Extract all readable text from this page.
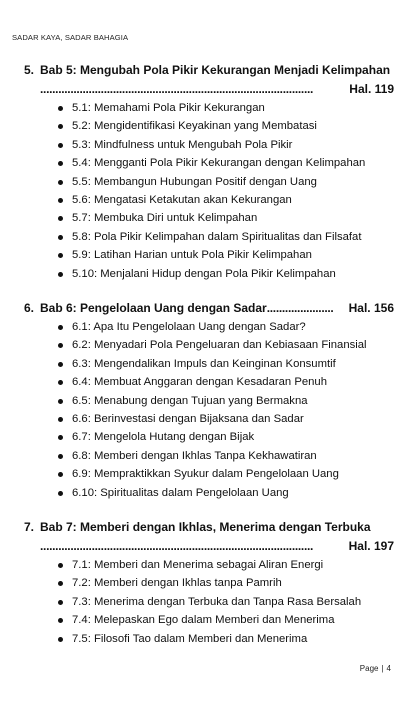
SADAR KAYA, SADAR BAHAGIA
5. Bab 5: Mengubah Pola Pikir Kekurangan Menjadi Kelimpahan
..........................................................................................	Hal. 119
5.1: Memahami Pola Pikir Kekurangan
5.2: Mengidentifikasi Keyakinan yang Membatasi
5.3: Mindfulness untuk Mengubah Pola Pikir
5.4: Mengganti Pola Pikir Kekurangan dengan Kelimpahan
5.5: Membangun Hubungan Positif dengan Uang
5.6: Mengatasi Ketakutan akan Kekurangan
5.7: Membuka Diri untuk Kelimpahan
5.8: Pola Pikir Kelimpahan dalam Spiritualitas dan Filsafat
5.9: Latihan Harian untuk Pola Pikir Kelimpahan
5.10: Menjalani Hidup dengan Pola Pikir Kelimpahan
6. Bab 6: Pengelolaan Uang dengan Sadar ......................	Hal. 156
6.1: Apa Itu Pengelolaan Uang dengan Sadar?
6.2: Menyadari Pola Pengeluaran dan Kebiasaan Finansial
6.3: Mengendalikan Impuls dan Keinginan Konsumtif
6.4: Membuat Anggaran dengan Kesadaran Penuh
6.5: Menabung dengan Tujuan yang Bermakna
6.6: Berinvestasi dengan Bijaksana dan Sadar
6.7: Mengelola Hutang dengan Bijak
6.8: Memberi dengan Ikhlas Tanpa Kekhawatiran
6.9: Mempraktikkan Syukur dalam Pengelolaan Uang
6.10: Spiritualitas dalam Pengelolaan Uang
7. Bab 7: Memberi dengan Ikhlas, Menerima dengan Terbuka
..........................................................................................	Hal. 197
7.1: Memberi dan Menerima sebagai Aliran Energi
7.2: Memberi dengan Ikhlas tanpa Pamrih
7.3: Menerima dengan Terbuka dan Tanpa Rasa Bersalah
7.4: Melepaskan Ego dalam Memberi dan Menerima
7.5: Filosofi Tao dalam Memberi dan Menerima
Page | 4
